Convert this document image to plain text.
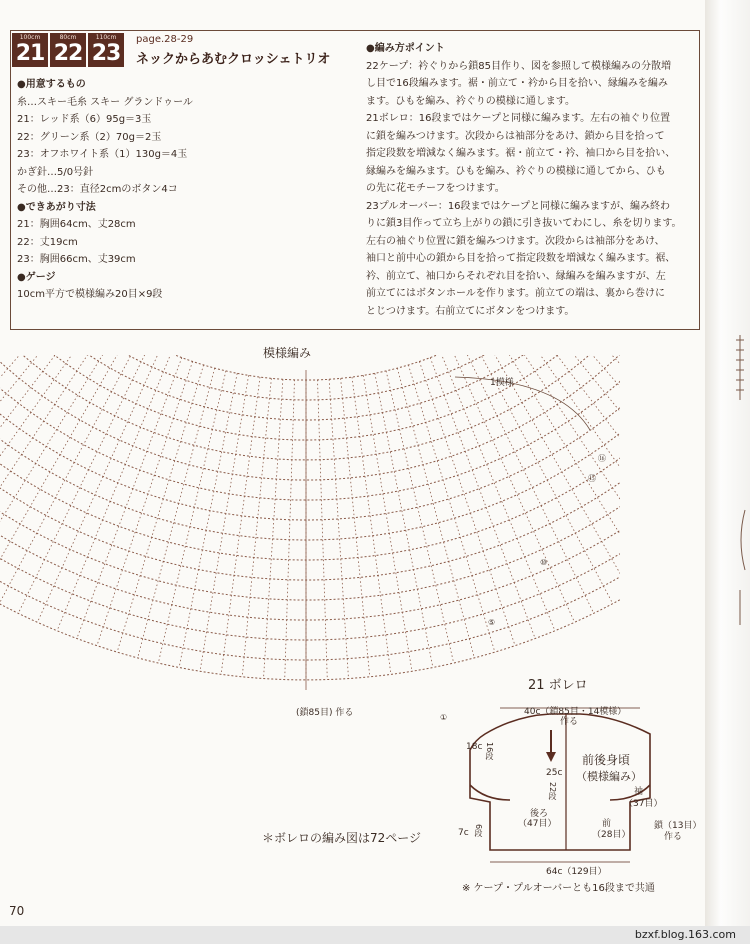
100cm
21
80cm
22
110cm
23
page.28-29
ネックからあむクロッシェトリオ
●用意するもの
糸…スキー毛糸 スキー グランドゥール
21：レッド系（6）95g＝3玉
22：グリーン系（2）70g＝2玉
23：オフホワイト系（1）130g＝4玉
かぎ針…5/0号針
その他…23：直径2cmのボタン4コ
●できあがり寸法
21：胸囲64cm、丈28cm
22：丈19cm
23：胸囲66cm、丈39cm
●ゲージ
10cm平方で模様編み20目×9段
●編み方ポイント
22ケープ：衿ぐりから鎖85目作り、図を参照して模様編みの分散増
し目で16段編みます。裾・前立て・衿から目を拾い、縁編みを編み
ます。ひもを編み、衿ぐりの模様に通します。
21ボレロ：16段まではケープと同様に編みます。左右の袖ぐり位置
に鎖を編みつけます。次段からは袖部分をあけ、鎖から目を拾って
指定段数を増減なく編みます。裾・前立て・衿、袖口から目を拾い、
縁編みを編みます。ひもを編み、衿ぐりの模様に通してから、ひも
の先に花モチーフをつけます。
23プルオーバー：16段まではケープと同様に編みますが、編み終わ
りに鎖3目作って立ち上がりの鎖に引き抜いてわにし、糸を切ります。
左右の袖ぐり位置に鎖を編みつけます。次段からは袖部分をあけ、
袖口と前中心の鎖から目を拾って指定段数を増減なく編みます。裾、
衿、前立て、袖口からそれぞれ目を拾い、縁編みを編みますが、左
前立てにはボタンホールを作ります。前立ての端は、裏から巻けに
とじつけます。右前立てにボタンをつけます。
模様編み
1模様
(鎖85目) 作る
⑯
⑮
⑩
⑤
①
21 ボレロ
40c（鎖85目・14模様）
作る
18c 16段	前後身頃
（模様編み）
25c
22段
後ろ
（47目）	前
（28目）
袖
（37目）
鎖（13目）
作る
7c 6段
64c（129目）
＊ボレロの編み図は72ページ
※ ケープ・プルオーバーとも16段まで共通
70
bzxf.blog.163.com
